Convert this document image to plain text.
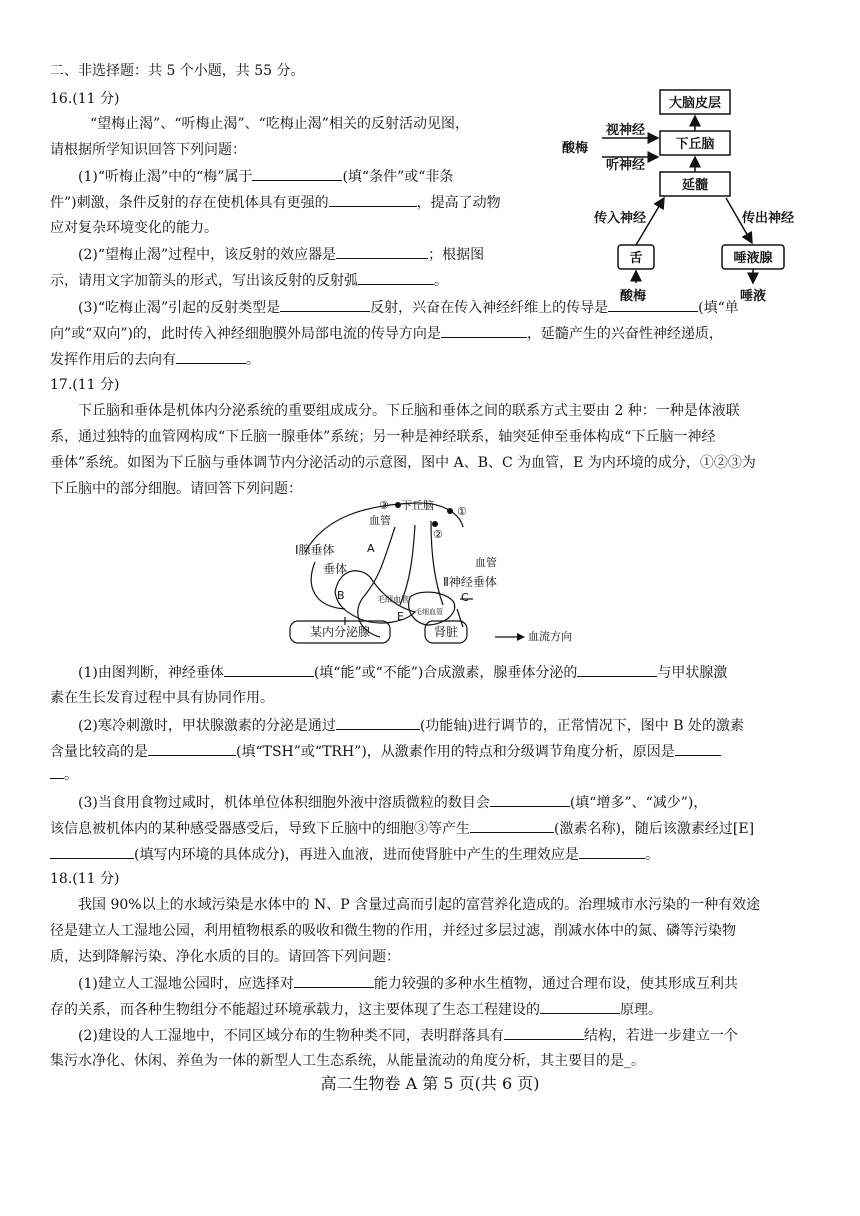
二、非选择题：共 5 个小题，共 55 分。
16.(11 分)
“望梅止渴”、“听梅止渴”、“吃梅止渴”相关的反射活动见图，
请根据所学知识回答下列问题：
(1)“听梅止渴”中的“梅”属于	(填“条件”或“非条
件”)刺激，条件反射的存在使机体具有更强的	，提高了动物
应对复杂环境变化的能力。
(2)“望梅止渴”过程中，该反射的效应器是	；根据图
示，请用文字加箭头的形式，写出该反射的反射弧	。
(3)“吃梅止渴”引起的反射类型是	反射，兴奋在传入神经纤维上的传导是	(填“单
向”或“双向”)的，此时传入神经细胞膜外局部电流的传导方向是	，延髓产生的兴奋性神经递质，
发挥作用后的去向有	。
大脑皮层
下丘脑
延髓
舌	唾液腺
酸梅
视神经
听神经
传入神经	传出神经
酸梅	唾液
17.(11 分)
下丘脑和垂体是机体内分泌系统的重要组成成分。下丘脑和垂体之间的联系方式主要由 2 种：一种是体液联
系，通过独特的血管网构成“下丘脑一腺垂体”系统；另一种是神经联系，轴突延伸至垂体构成“下丘脑一神经
垂体”系统。如图为下丘脑与垂体调节内分泌活动的示意图，图中 A、B、C 为血管，E 为内环境的成分，①②③为
下丘脑中的部分细胞。请回答下列问题：
③ 下丘脑 ①
②
血管
A
Ⅰ腺垂体
垂体	血管
Ⅱ神经垂体
B	毛细血管
毛细血管
E
C
某内分泌腺	肾脏	血流方向
(1)由图判断，神经垂体	(填“能”或“不能”)合成激素，腺垂体分泌的	与甲状腺激
素在生长发育过程中具有协同作用。
(2)寒冷刺激时，甲状腺激素的分泌是通过	(功能轴)进行调节的，正常情况下，图中 B 处的激素
含量比较高的是	(填“TSH”或“TRH”)，从激素作用的特点和分级调节角度分析，原因是
。
(3)当食用食物过咸时，机体单位体积细胞外液中溶质微粒的数目会	(填“增多”、“减少”)，
该信息被机体内的某种感受器感受后，导致下丘脑中的细胞③等产生	(激素名称)，随后该激素经过[E]
(填写内环境的具体成分)，再进入血液，进而使肾脏中产生的生理效应是	。
18.(11 分)
我国 90%以上的水域污染是水体中的 N、P 含量过高而引起的富营养化造成的。治理城市水污染的一种有效途
径是建立人工湿地公园，利用植物根系的吸收和微生物的作用，并经过多层过滤，削减水体中的氮、磷等污染物
质，达到降解污染、净化水质的目的。请回答下列问题：
(1)建立人工湿地公园时，应选择对	能力较强的多种水生植物，通过合理布设，使其形成互利共
存的关系，而各种生物组分不能超过环境承载力，这主要体现了生态工程建设的	原理。
(2)建设的人工湿地中，不同区域分布的生物种类不同，表明群落具有	结构，若进一步建立一个
集污水净化、休闲、养鱼为一体的新型人工生态系统，从能量流动的角度分析，其主要目的是_。
高二生物卷 A 第 5 页(共 6 页)
